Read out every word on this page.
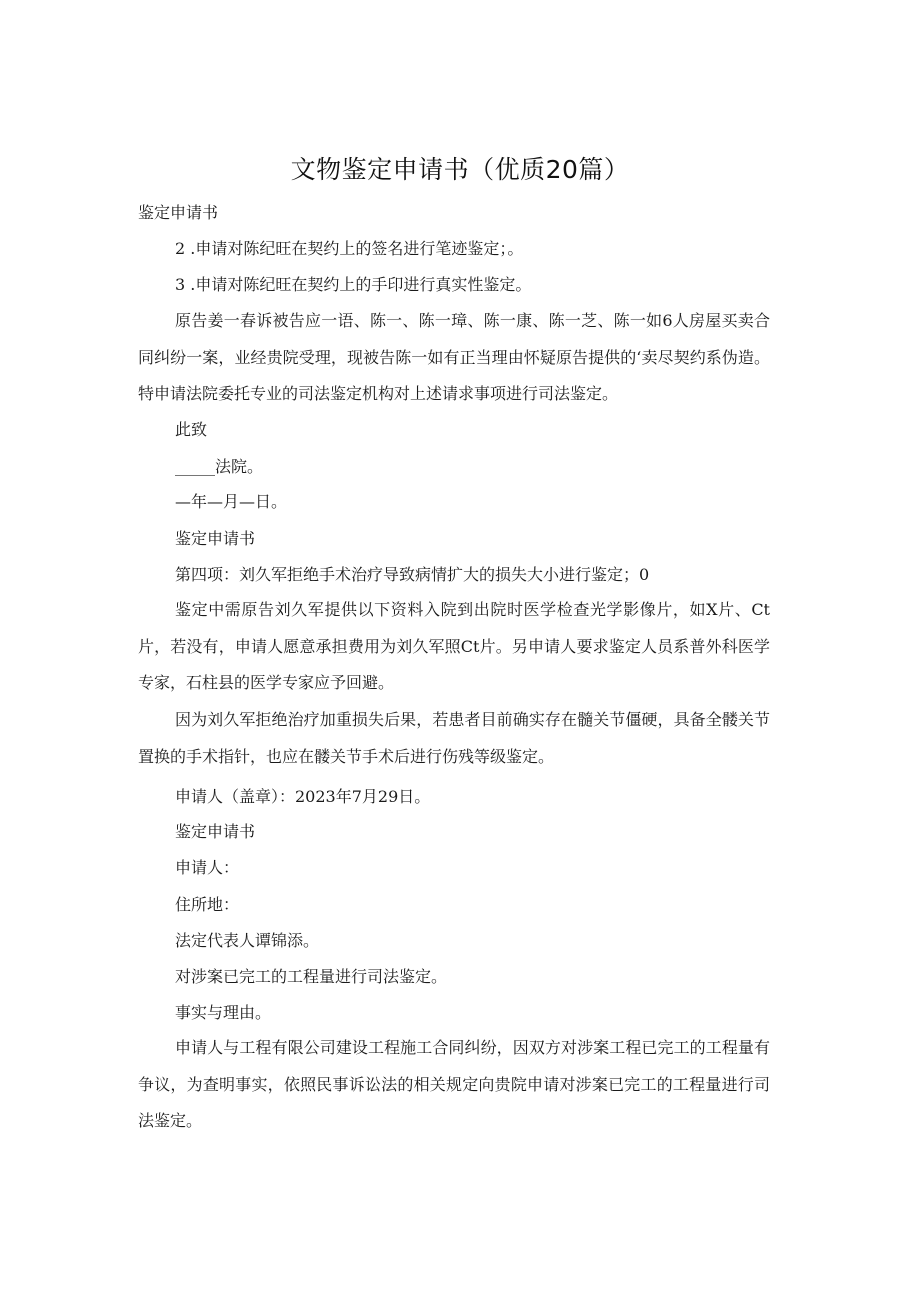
文物鉴定申请书（优质20篇）

鉴定申请书

2 .申请对陈纪旺在契约上的签名进行笔迹鉴定；。

3 .申请对陈纪旺在契约上的手印进行真实性鉴定。

原告姜一春诉被告应一语、陈一、陈一璋、陈一康、陈一芝、陈一如6人房屋买卖合同纠纷一案，业经贵院受理，现被告陈一如有正当理由怀疑原告提供的‘卖尽契约系伪造。特申请法院委托专业的司法鉴定机构对上述请求事项进行司法鉴定。

此致

_____法院。

—年—月—日。

鉴定申请书

第四项：刘久军拒绝手术治疗导致病情扩大的损失大小进行鉴定；0

鉴定中需原告刘久军提供以下资料入院到出院时医学检查光学影像片，如X片、Ct片，若没有，申请人愿意承担费用为刘久军照Ct片。另申请人要求鉴定人员系普外科医学专家，石柱县的医学专家应予回避。

因为刘久军拒绝治疗加重损失后果，若患者目前确实存在髓关节僵硬，具备全髅关节置换的手术指针，也应在髅关节手术后进行伤残等级鉴定。

申请人（盖章）：2023年7月29日。

鉴定申请书

申请人：

住所地：

法定代表人谭锦添。

对涉案已完工的工程量进行司法鉴定。

事实与理由。

申请人与工程有限公司建设工程施工合同纠纷，因双方对涉案工程已完工的工程量有争议，为查明事实，依照民事诉讼法的相关规定向贵院申请对涉案已完工的工程量进行司法鉴定。
